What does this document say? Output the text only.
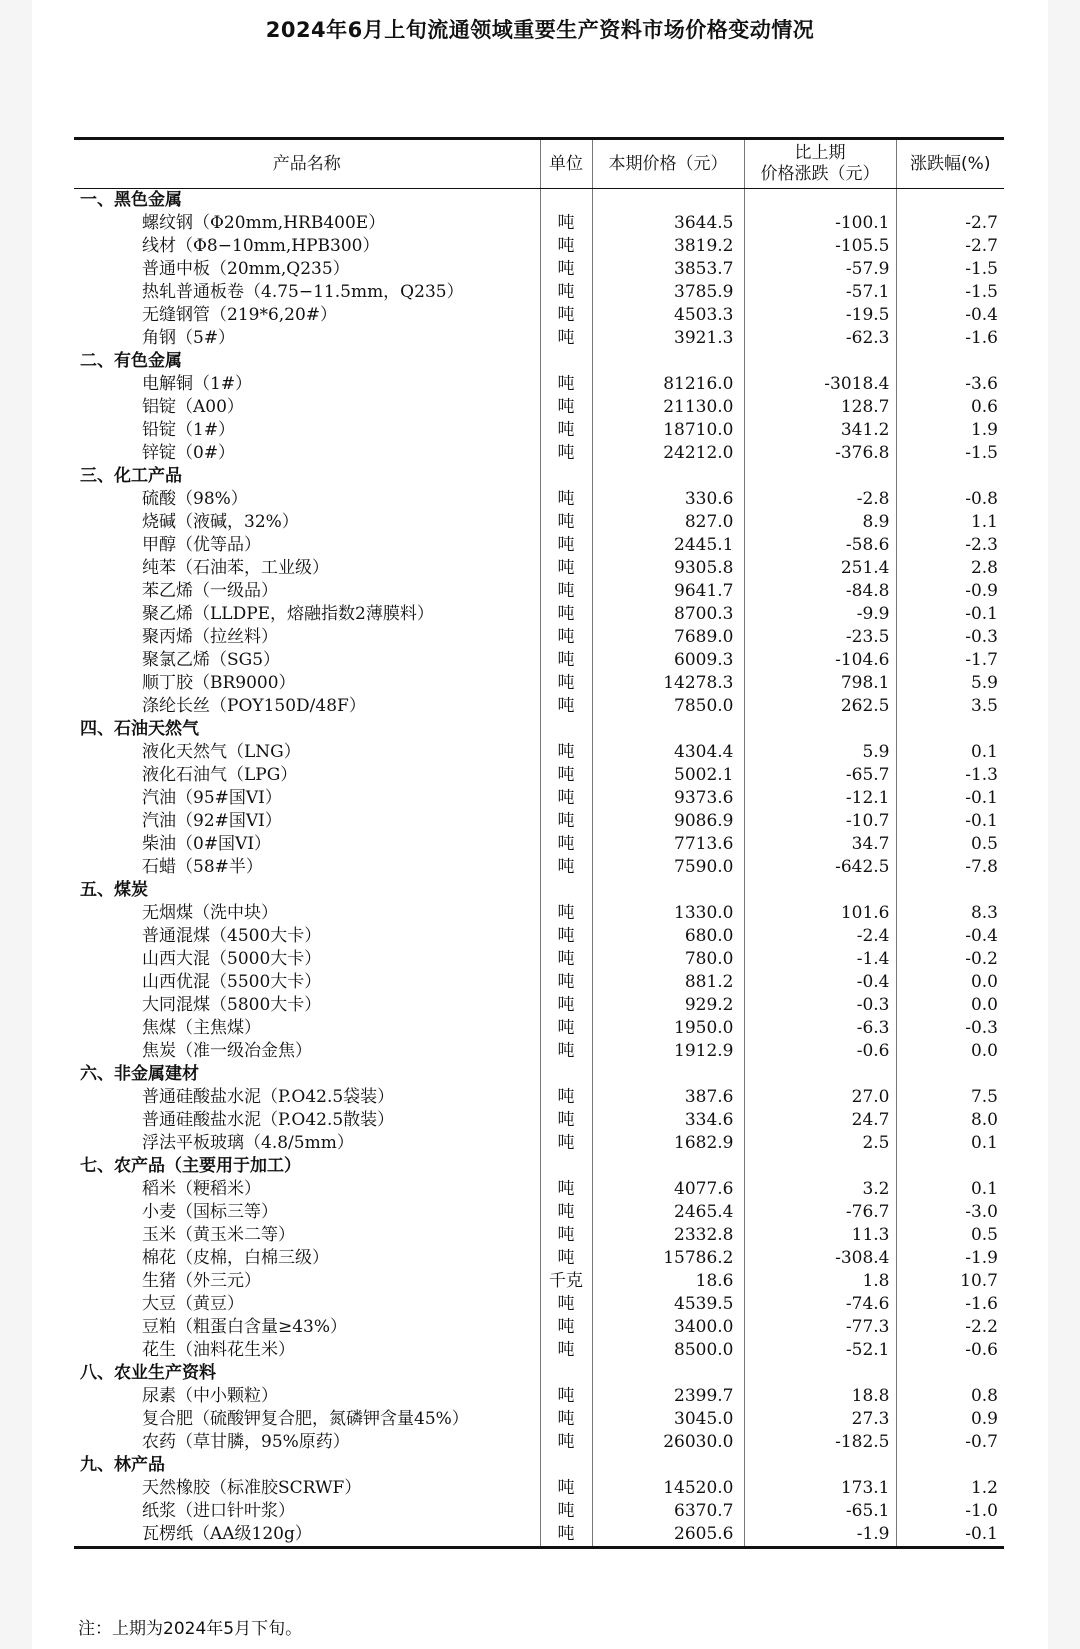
2024年6月上旬流通领域重要生产资料市场价格变动情况
产品名称	单位	本期价格（元）	比上期
价格涨跌（元）	涨跌幅(%)
一、黑色金属				
螺纹钢（Φ20mm,HRB400E）	吨	3644.5	-100.1	-2.7
线材（Φ8−10mm,HPB300）	吨	3819.2	-105.5	-2.7
普通中板（20mm,Q235）	吨	3853.7	-57.9	-1.5
热轧普通板卷（4.75−11.5mm，Q235）	吨	3785.9	-57.1	-1.5
无缝钢管（219*6,20#）	吨	4503.3	-19.5	-0.4
角钢（5#）	吨	3921.3	-62.3	-1.6
二、有色金属				
电解铜（1#）	吨	81216.0	-3018.4	-3.6
铝锭（A00）	吨	21130.0	128.7	0.6
铅锭（1#）	吨	18710.0	341.2	1.9
锌锭（0#）	吨	24212.0	-376.8	-1.5
三、化工产品				
硫酸（98%）	吨	330.6	-2.8	-0.8
烧碱（液碱，32%）	吨	827.0	8.9	1.1
甲醇（优等品）	吨	2445.1	-58.6	-2.3
纯苯（石油苯，工业级）	吨	9305.8	251.4	2.8
苯乙烯（一级品）	吨	9641.7	-84.8	-0.9
聚乙烯（LLDPE，熔融指数2薄膜料）	吨	8700.3	-9.9	-0.1
聚丙烯（拉丝料）	吨	7689.0	-23.5	-0.3
聚氯乙烯（SG5）	吨	6009.3	-104.6	-1.7
顺丁胶（BR9000）	吨	14278.3	798.1	5.9
涤纶长丝（POY150D/48F）	吨	7850.0	262.5	3.5
四、石油天然气				
液化天然气（LNG）	吨	4304.4	5.9	0.1
液化石油气（LPG）	吨	5002.1	-65.7	-1.3
汽油（95#国VI）	吨	9373.6	-12.1	-0.1
汽油（92#国VI）	吨	9086.9	-10.7	-0.1
柴油（0#国VI）	吨	7713.6	34.7	0.5
石蜡（58#半）	吨	7590.0	-642.5	-7.8
五、煤炭				
无烟煤（洗中块）	吨	1330.0	101.6	8.3
普通混煤（4500大卡）	吨	680.0	-2.4	-0.4
山西大混（5000大卡）	吨	780.0	-1.4	-0.2
山西优混（5500大卡）	吨	881.2	-0.4	0.0
大同混煤（5800大卡）	吨	929.2	-0.3	0.0
焦煤（主焦煤）	吨	1950.0	-6.3	-0.3
焦炭（准一级冶金焦）	吨	1912.9	-0.6	0.0
六、非金属建材				
普通硅酸盐水泥（P.O42.5袋装）	吨	387.6	27.0	7.5
普通硅酸盐水泥（P.O42.5散装）	吨	334.6	24.7	8.0
浮法平板玻璃（4.8/5mm）	吨	1682.9	2.5	0.1
七、农产品（主要用于加工）				
稻米（粳稻米）	吨	4077.6	3.2	0.1
小麦（国标三等）	吨	2465.4	-76.7	-3.0
玉米（黄玉米二等）	吨	2332.8	11.3	0.5
棉花（皮棉，白棉三级）	吨	15786.2	-308.4	-1.9
生猪（外三元）	千克	18.6	1.8	10.7
大豆（黄豆）	吨	4539.5	-74.6	-1.6
豆粕（粗蛋白含量≥43%）	吨	3400.0	-77.3	-2.2
花生（油料花生米）	吨	8500.0	-52.1	-0.6
八、农业生产资料				
尿素（中小颗粒）	吨	2399.7	18.8	0.8
复合肥（硫酸钾复合肥，氮磷钾含量45%）	吨	3045.0	27.3	0.9
农药（草甘膦，95%原药）	吨	26030.0	-182.5	-0.7
九、林产品				
天然橡胶（标准胶SCRWF）	吨	14520.0	173.1	1.2
纸浆（进口针叶浆）	吨	6370.7	-65.1	-1.0
瓦楞纸（AA级120g）	吨	2605.6	-1.9	-0.1
注：上期为2024年5月下旬。
